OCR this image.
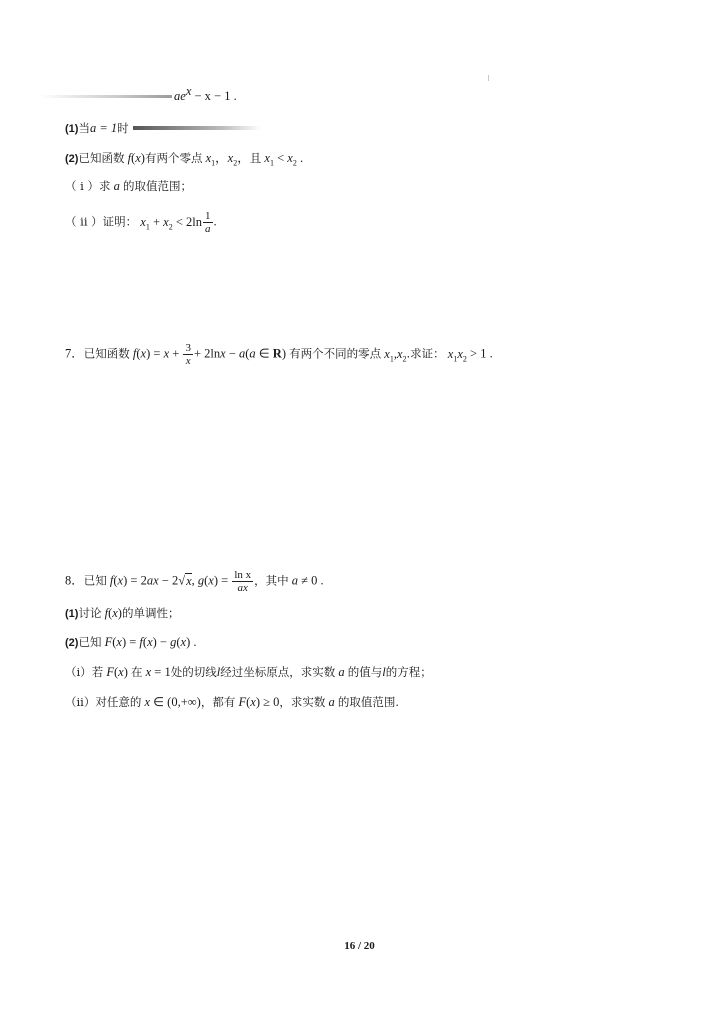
$ae^x - x - 1$ .
(1)当a = 1时
(2)已知函数 f(x)有两个零点 $x_1$，$x_2$，且 $x_1 < x_2$ .
（ i ）求 a 的取值范围；
（ ii ）证明： $x_1 + x_2 < 2\ln \frac{1}{a}$ .
7．已知函数 $f(x) = x + \frac{3}{x} + 2\ln x - a(a$ ∈ R) 有两个不同的零点 $x_1,x_2$.求证： $x_1x_2 > 1$ .
8．已知 f(x) = 2ax − 2√x, $g(x) = \frac{\text{ln x}}{ax}$ ，其中 a ≠ 0 .
(1)讨论 f(x)的单调性；
(2)已知 F(x) = f(x) − g(x) .
（i）若 F(x) 在 x = 1处的切线l经过坐标原点，求实数 a 的值与l的方程；
（ii）对任意的 x ∈ (0,+∞)，都有 F(x) ≥ 0，求实数 a 的取值范围.
16 / 20
